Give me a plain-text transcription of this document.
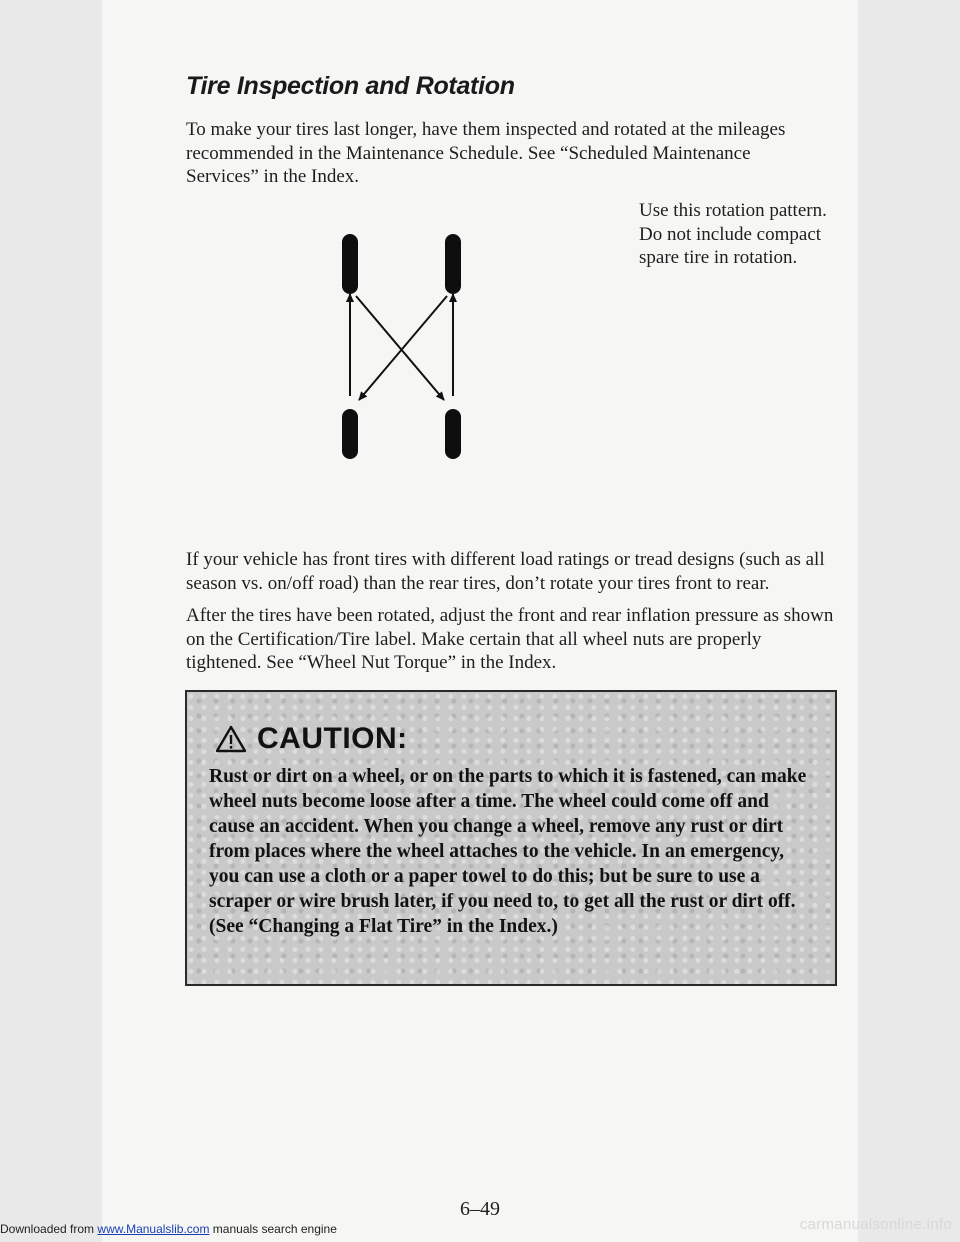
Tire Inspection and Rotation

To make your tires last longer, have them inspected and rotated at the mileages recommended in the Maintenance Schedule. See “Scheduled Maintenance Services” in the Index.

Use this rotation pattern. Do not include compact spare tire in rotation.

If your vehicle has front tires with different load ratings or tread designs (such as all season vs. on/off road) than the rear tires, don’t rotate your tires front to rear.

After the tires have been rotated, adjust the front and rear inflation pressure as shown on the Certification/Tire label. Make certain that all wheel nuts are properly tightened. See “Wheel Nut Torque” in the Index.

CAUTION:

Rust or dirt on a wheel, or on the parts to which it is fastened, can make wheel nuts become loose after a time. The wheel could come off and cause an accident. When you change a wheel, remove any rust or dirt from places where the wheel attaches to the vehicle. In an emergency, you can use a cloth or a paper towel to do this; but be sure to use a scraper or wire brush later, if you need to, to get all the rust or dirt off. (See “Changing a Flat Tire” in the Index.)

6–49

Downloaded from www.Manualslib.com manuals search engine	carmanualsonline.info
